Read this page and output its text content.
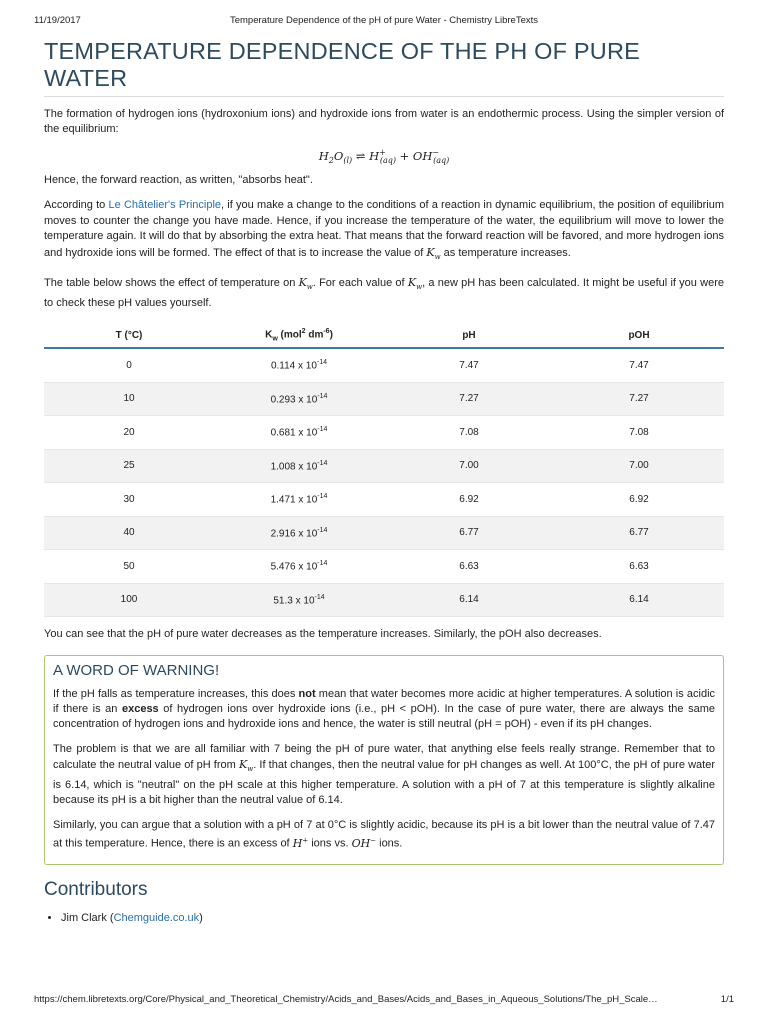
11/19/2017	Temperature Dependence of the pH of pure Water - Chemistry LibreTexts
TEMPERATURE DEPENDENCE OF THE PH OF PURE WATER

The formation of hydrogen ions (hydroxonium ions) and hydroxide ions from water is an endothermic process. Using the simpler version of the equilibrium:

$H_2O_{(l)}$ ⇌ $H^+_{(aq)} + OH^-_{(aq)}$

Hence, the forward reaction, as written, "absorbs heat".

According to Le Châtelier's Principle, if you make a change to the conditions of a reaction in dynamic equilibrium, the position of equilibrium moves to counter the change you have made. Hence, if you increase the temperature of the water, the equilibrium will move to lower the temperature again. It will do that by absorbing the extra heat. That means that the forward reaction will be favored, and more hydrogen ions and hydroxide ions will be formed. The effect of that is to increase the value of $K_w$ as temperature increases.

The table below shows the effect of temperature on $K_w$. For each value of $K_w$, a new pH has been calculated. It might be useful if you were to check these pH values yourself.

T (°C)	$K_w$ (mol$^2$ $dm^{-6}$)	pH	pOH
0	0.114 x $10^{-14}$	7.47	7.47
10	0.293 x $10^{-14}$	7.27	7.27
20	0.681 x $10^{-14}$	7.08	7.08
25	1.008 x $10^{-14}$	7.00	7.00
30	1.471 x $10^{-14}$	6.92	6.92
40	2.916 x $10^{-14}$	6.77	6.77
50	5.476 x $10^{-14}$	6.63	6.63
100	51.3 x $10^{-14}$	6.14	6.14

You can see that the pH of pure water decreases as the temperature increases. Similarly, the pOH also decreases.

A WORD OF WARNING!

If the pH falls as temperature increases, this does not mean that water becomes more acidic at higher temperatures. A solution is acidic if there is an excess of hydrogen ions over hydroxide ions (i.e., pH < pOH). In the case of pure water, there are always the same concentration of hydrogen ions and hydroxide ions and hence, the water is still neutral (pH = pOH) - even if its pH changes.

The problem is that we are all familiar with 7 being the pH of pure water, that anything else feels really strange. Remember that to calculate the neutral value of pH from $K_w$. If that changes, then the neutral value for pH changes as well. At 100°C, the pH of pure water is 6.14, which is "neutral" on the pH scale at this higher temperature. A solution with a pH of 7 at this temperature is slightly alkaline because its pH is a bit higher than the neutral value of 6.14.

Similarly, you can argue that a solution with a pH of 7 at 0°C is slightly acidic, because its pH is a bit lower than the neutral value of 7.47 at this temperature. Hence, there is an excess of H+ ions vs. OH− ions.

Contributors
• Jim Clark (Chemguide.co.uk)
https://chem.libretexts.org/Core/Physical_and_Theoretical_Chemistry/Acids_and_Bases/Acids_and_Bases_in_Aqueous_Solutions/The_pH_Scale…	1/1
